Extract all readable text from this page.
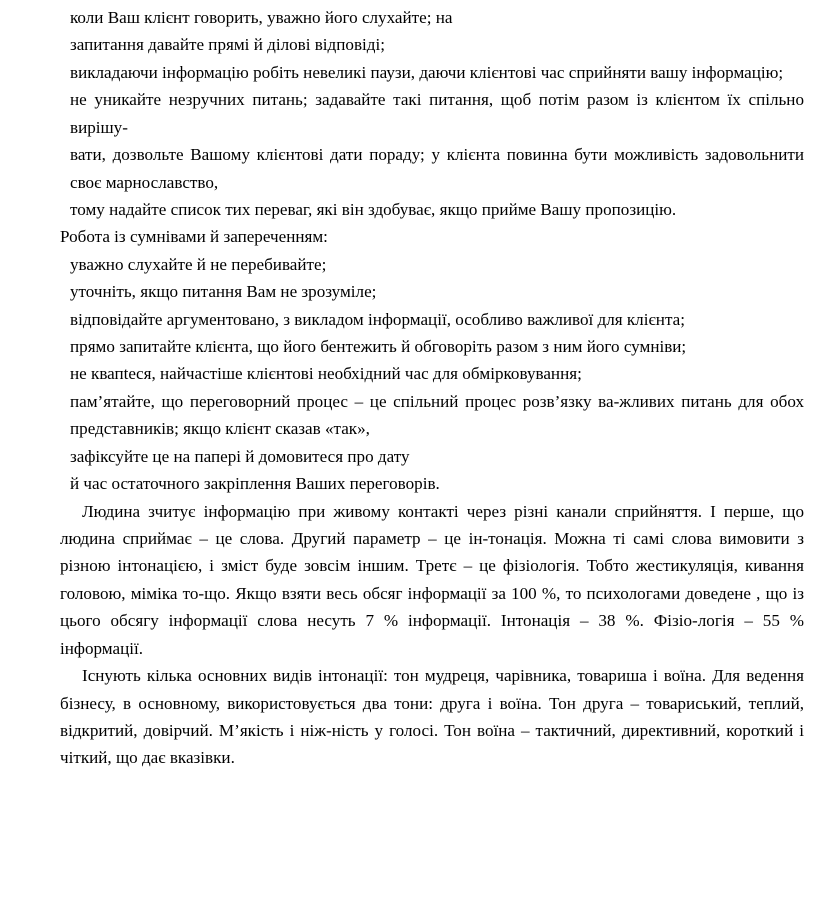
коли Ваш клієнт говорить, уважно його слухайте; на

запитання давайте прямі й ділові відповіді;

викладаючи інформацію робіть невеликі паузи, даючи клієнтові час сприйняти вашу інформацію;

не уникайте незручних питань; задавайте такі питання, щоб потім разом із клієнтом їх спільно вирішу-

вати, дозвольте Вашому клієнтові дати пораду; у клієнта повинна бути можливість задовольнити своє марнославство,

тому надайте список тих переваг, які він здобуває, якщо прийме Вашу пропозицію.

Робота із сумнівами й запереченням:

уважно слухайте й не перебивайте;

уточніть, якщо питання Вам не зрозуміле;

відповідайте аргументовано, з викладом інформації, особливо важливої для клієнта;

прямо запитайте клієнта, що його бентежить й обговоріть разом з ним його сумніви;

не квапteся, найчастіше клієнтові необхідний час для обмірковування;

пам’ятайте, що переговорний процес – це спільний процес розв’язку ва-жливих питань для обох представників; якщо клієнт сказав «так»,

зафіксуйте це на папері й домовитеся про дату

й час остаточного закріплення Ваших переговорів.

Людина зчитує інформацію при живому контакті через різні канали сприйняття. І перше, що людина сприймає – це слова. Другий параметр – це ін-тонація. Можна ті самі слова вимовити з різною інтонацією, і зміст буде зовсім іншим. Третє – це фізіологія. Тобто жестикуляція, кивання головою, міміка то-що. Якщо взяти весь обсяг інформації за 100 %, то психологами доведене , що із цього обсягу інформації слова несуть 7 % інформації. Інтонація – 38 %. Фізіо-логія – 55 % інформації.

Існують кілька основних видів інтонації: тон мудреця, чарівника, товариша і воїна. Для ведення бізнесу, в основному, використовується два тони: друга і воїна. Тон друга – товариський, теплий, відкритий, довірчий. М’якість і ніж-ність у голосі. Тон воїна – тактичний, директивний, короткий і чіткий, що дає вказівки.
